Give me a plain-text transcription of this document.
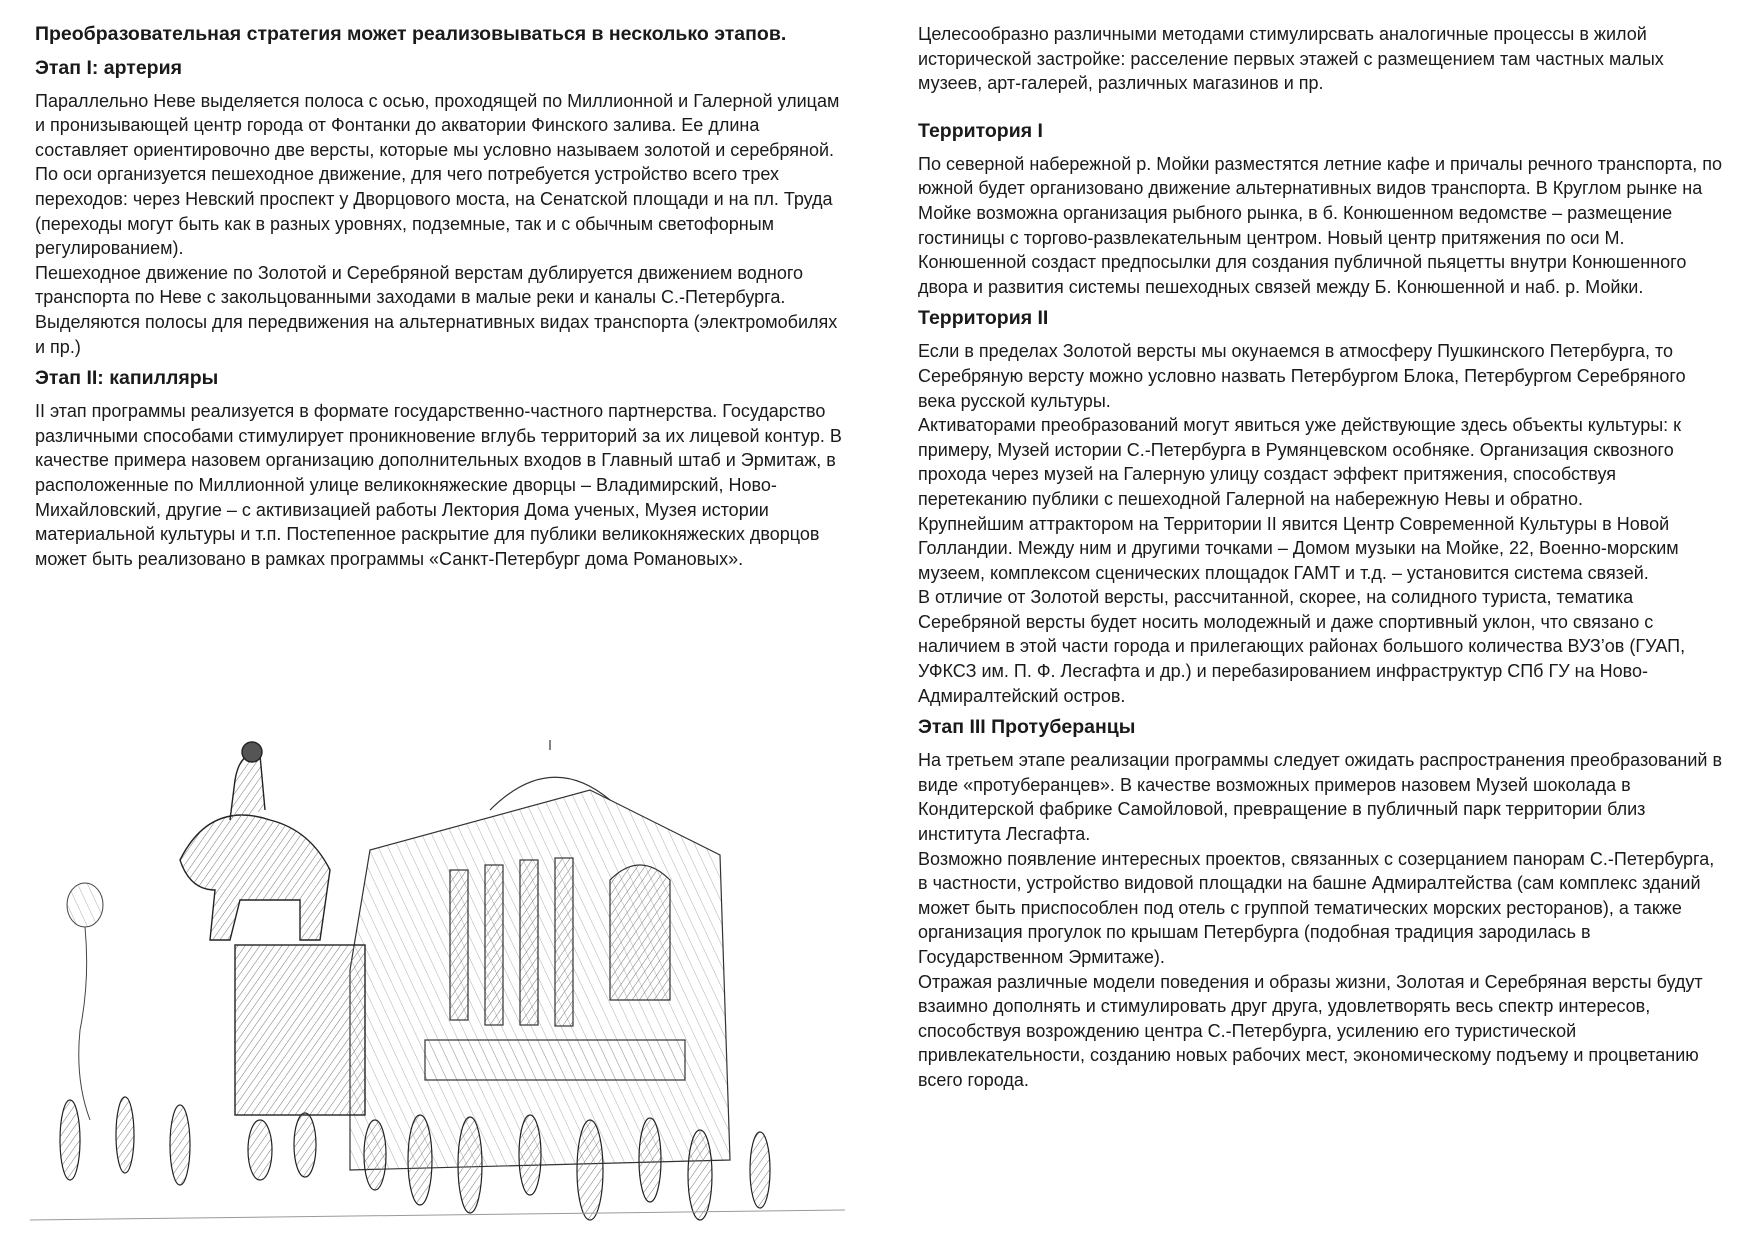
Преобразовательная стратегия может реализовываться в несколько этапов.

Этап I: артерия

Параллельно Неве выделяется полоса с осью, проходящей по Миллионной и Галерной улицам и пронизывающей центр города от Фонтанки до акватории Финского залива. Ее длина составляет ориентировочно две версты, которые мы условно называем золотой и серебряной.

По оси организуется пешеходное движение, для чего потребуется устройство всего трех переходов: через Невский проспект у Дворцового моста, на Сенатской площади и на пл. Труда (переходы могут быть как в разных уровнях, подземные, так и с обычным светофорным регулированием).

Пешеходное движение по Золотой и Серебряной верстам дублируется движением водного транспорта по Неве с закольцованными заходами в малые реки и каналы С.-Петербурга.

Выделяются полосы для передвижения на альтернативных видах транспорта (электромобилях и пр.)

Этап II: капилляры

II этап программы реализуется в формате государственно-частного партнерства. Государство различными способами стимулирует проникновение вглубь территорий за их лицевой контур. В качестве примера назовем организацию дополнительных входов в Главный штаб и Эрмитаж, в расположенные по Миллионной улице великокняжеские дворцы – Владимирский, Ново-Михайловский, другие – с активизацией работы Лектория Дома ученых, Музея истории материальной культуры и т.п. Постепенное раскрытие для публики великокняжеских дворцов может быть реализовано в рамках программы «Санкт-Петербург дома Романовых».

Целесообразно различными методами стимулирсвать аналогичные процессы в жилой исторической застройке: расселение первых этажей с размещением там частных малых музеев, арт-галерей, различных магазинов и пр.

Территория I

По северной набережной р. Мойки разместятся летние кафе и причалы речного транспорта, по южной будет организовано движение альтернативных видов транспорта. В Круглом рынке на Мойке возможна организация рыбного рынка, в б. Конюшенном ведомстве – размещение гостиницы с торгово-развлекательным центром. Новый центр притяжения по оси М. Конюшенной создаст предпосылки для создания публичной пьяцетты внутри Конюшенного двора и развития системы пешеходных связей между Б. Конюшенной и наб. р. Мойки.

Территория II

Если в пределах Золотой версты мы окунаемся в атмосферу Пушкинского Петербурга, то Серебряную версту можно условно назвать Петербургом Блока, Петербургом Серебряного века русской культуры.

Активаторами преобразований могут явиться уже действующие здесь объекты культуры: к примеру, Музей истории С.-Петербурга в Румянцевском особняке. Организация сквозного прохода через музей на Галерную улицу создаст эффект притяжения, способствуя перетеканию публики с пешеходной Галерной на набережную Невы и обратно.

Крупнейшим аттрактором на Территории II явится Центр Современной Культуры в Новой Голландии. Между ним и другими точками – Домом музыки на Мойке, 22, Военно-морским музеем, комплексом сценических площадок ГАМТ и т.д. – установится система связей.

В отличие от Золотой версты, рассчитанной, скорее, на солидного туриста, тематика Серебряной версты будет носить молодежный и даже спортивный уклон, что связано с наличием в этой части города и прилегающих районах большого количества ВУЗ’ов (ГУАП, УФКСЗ им. П. Ф. Лесгафта и др.) и перебазированием инфраструктур СПб ГУ на Ново-Адмиралтейский остров.

Этап III Протуберанцы

На третьем этапе реализации программы следует ожидать распространения преобразований в виде «протуберанцев». В качестве возможных примеров назовем Музей шоколада в Кондитерской фабрике Самойловой, превращение в публичный парк территории близ института Лесгафта.

Возможно появление интересных проектов, связанных с созерцанием панорам С.-Петербурга, в частности, устройство видовой площадки на башне Адмиралтейства (сам комплекс зданий может быть приспособлен под отель с группой тематических морских ресторанов), а также организация прогулок по крышам Петербурга (подобная традиция зародилась в Государственном Эрмитаже).

Отражая различные модели поведения и образы жизни, Золотая и Серебряная версты будут взаимно дополнять и стимулировать друг друга, удовлетворять весь спектр интересов, способствуя возрождению центра С.-Петербурга, усилению его туристической привлекательности, созданию новых рабочих мест, экономическому подъему и процветанию всего города.
